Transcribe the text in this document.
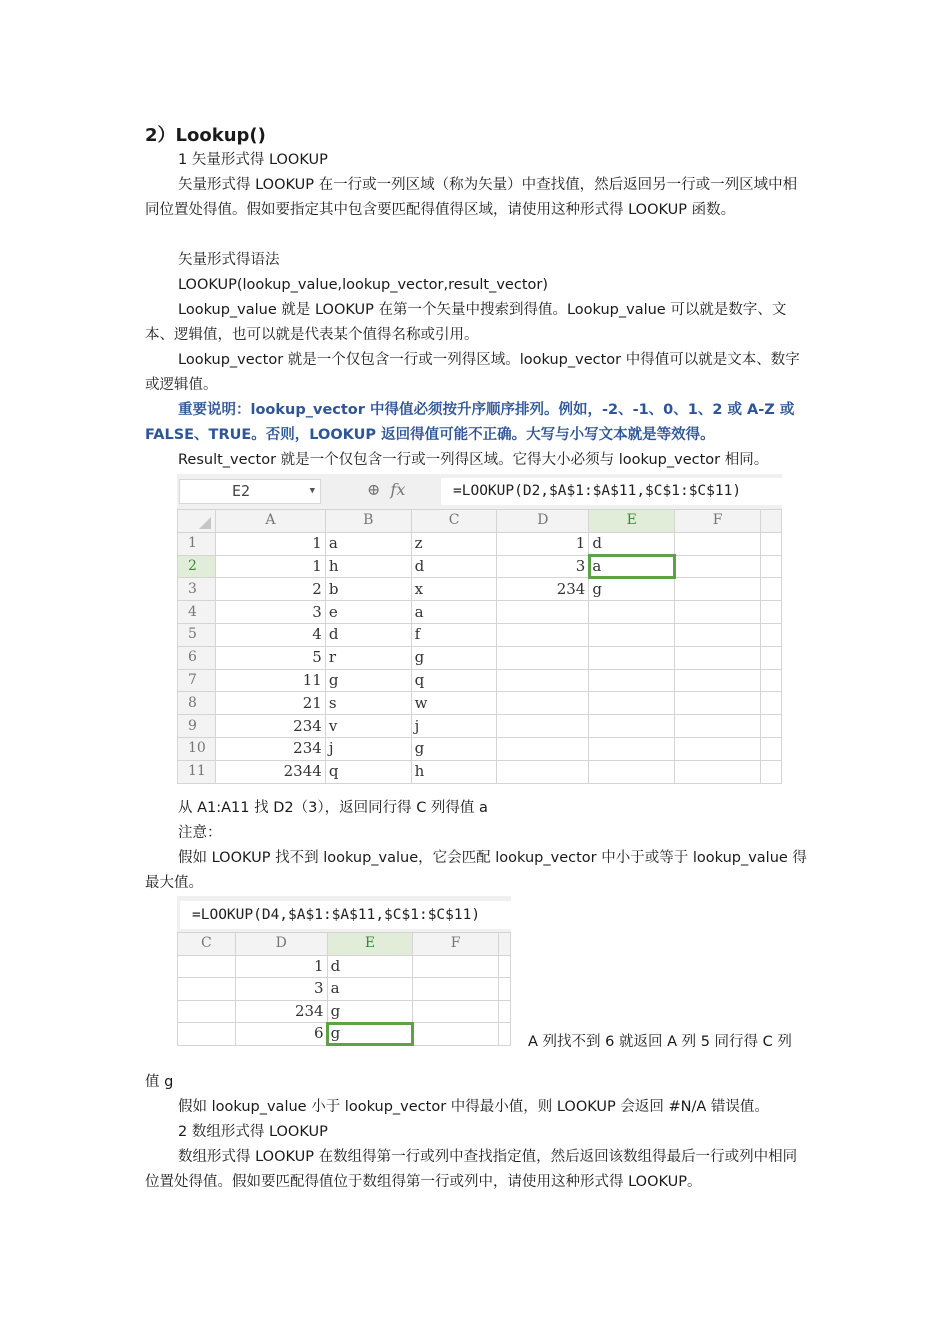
2）Lookup()
1 矢量形式得 LOOKUP
矢量形式得 LOOKUP 在一行或一列区域（称为矢量）中查找值，然后返回另一行或一列区域中相同位置处得值。假如要指定其中包含要匹配得值得区域，请使用这种形式得 LOOKUP 函数。
矢量形式得语法
LOOKUP(lookup_value,lookup_vector,result_vector)
Lookup_value 就是 LOOKUP 在第一个矢量中搜索到得值。Lookup_value 可以就是数字、文本、逻辑值，也可以就是代表某个值得名称或引用。
Lookup_vector 就是一个仅包含一行或一列得区域。lookup_vector 中得值可以就是文本、数字或逻辑值。
重要说明：lookup_vector 中得值必须按升序顺序排列。例如，-2、-1、0、1、2 或 A-Z 或 FALSE、TRUE。否则，LOOKUP 返回得值可能不正确。大写与小写文本就是等效得。
Result_vector 就是一个仅包含一行或一列得区域。它得大小必须与 lookup_vector 相同。
E2	▼	⊕ fx	=LOOKUP(D2,$A$1:$A$11,$C$1:$C$11)
	A	B	C	D	E	F	
1	1	a	z	1	d		
2	1	h	d	3	a		
3	2	b	x	234	g		
4	3	e	a				
5	4	d	f				
6	5	r	g				
7	11	g	q				
8	21	s	w				
9	234	v	j				
10	234	j	g				
11	2344	q	h				
从 A1:A11 找 D2（3），返回同行得 C 列得值 a
注意：
假如 LOOKUP 找不到 lookup_value，它会匹配 lookup_vector 中小于或等于 lookup_value 得最大值。
=LOOKUP(D4,$A$1:$A$11,$C$1:$C$11)
C	D	E	F	
	1	d		
	3	a		
	234	g		
	6	g			A 列找不到 6 就返回 A 列 5 同行得 C 列
值 g
假如 lookup_value 小于 lookup_vector 中得最小值，则 LOOKUP 会返回 #N/A 错误值。
2 数组形式得 LOOKUP
数组形式得 LOOKUP 在数组得第一行或列中查找指定值，然后返回该数组得最后一行或列中相同位置处得值。假如要匹配得值位于数组得第一行或列中，请使用这种形式得 LOOKUP。
